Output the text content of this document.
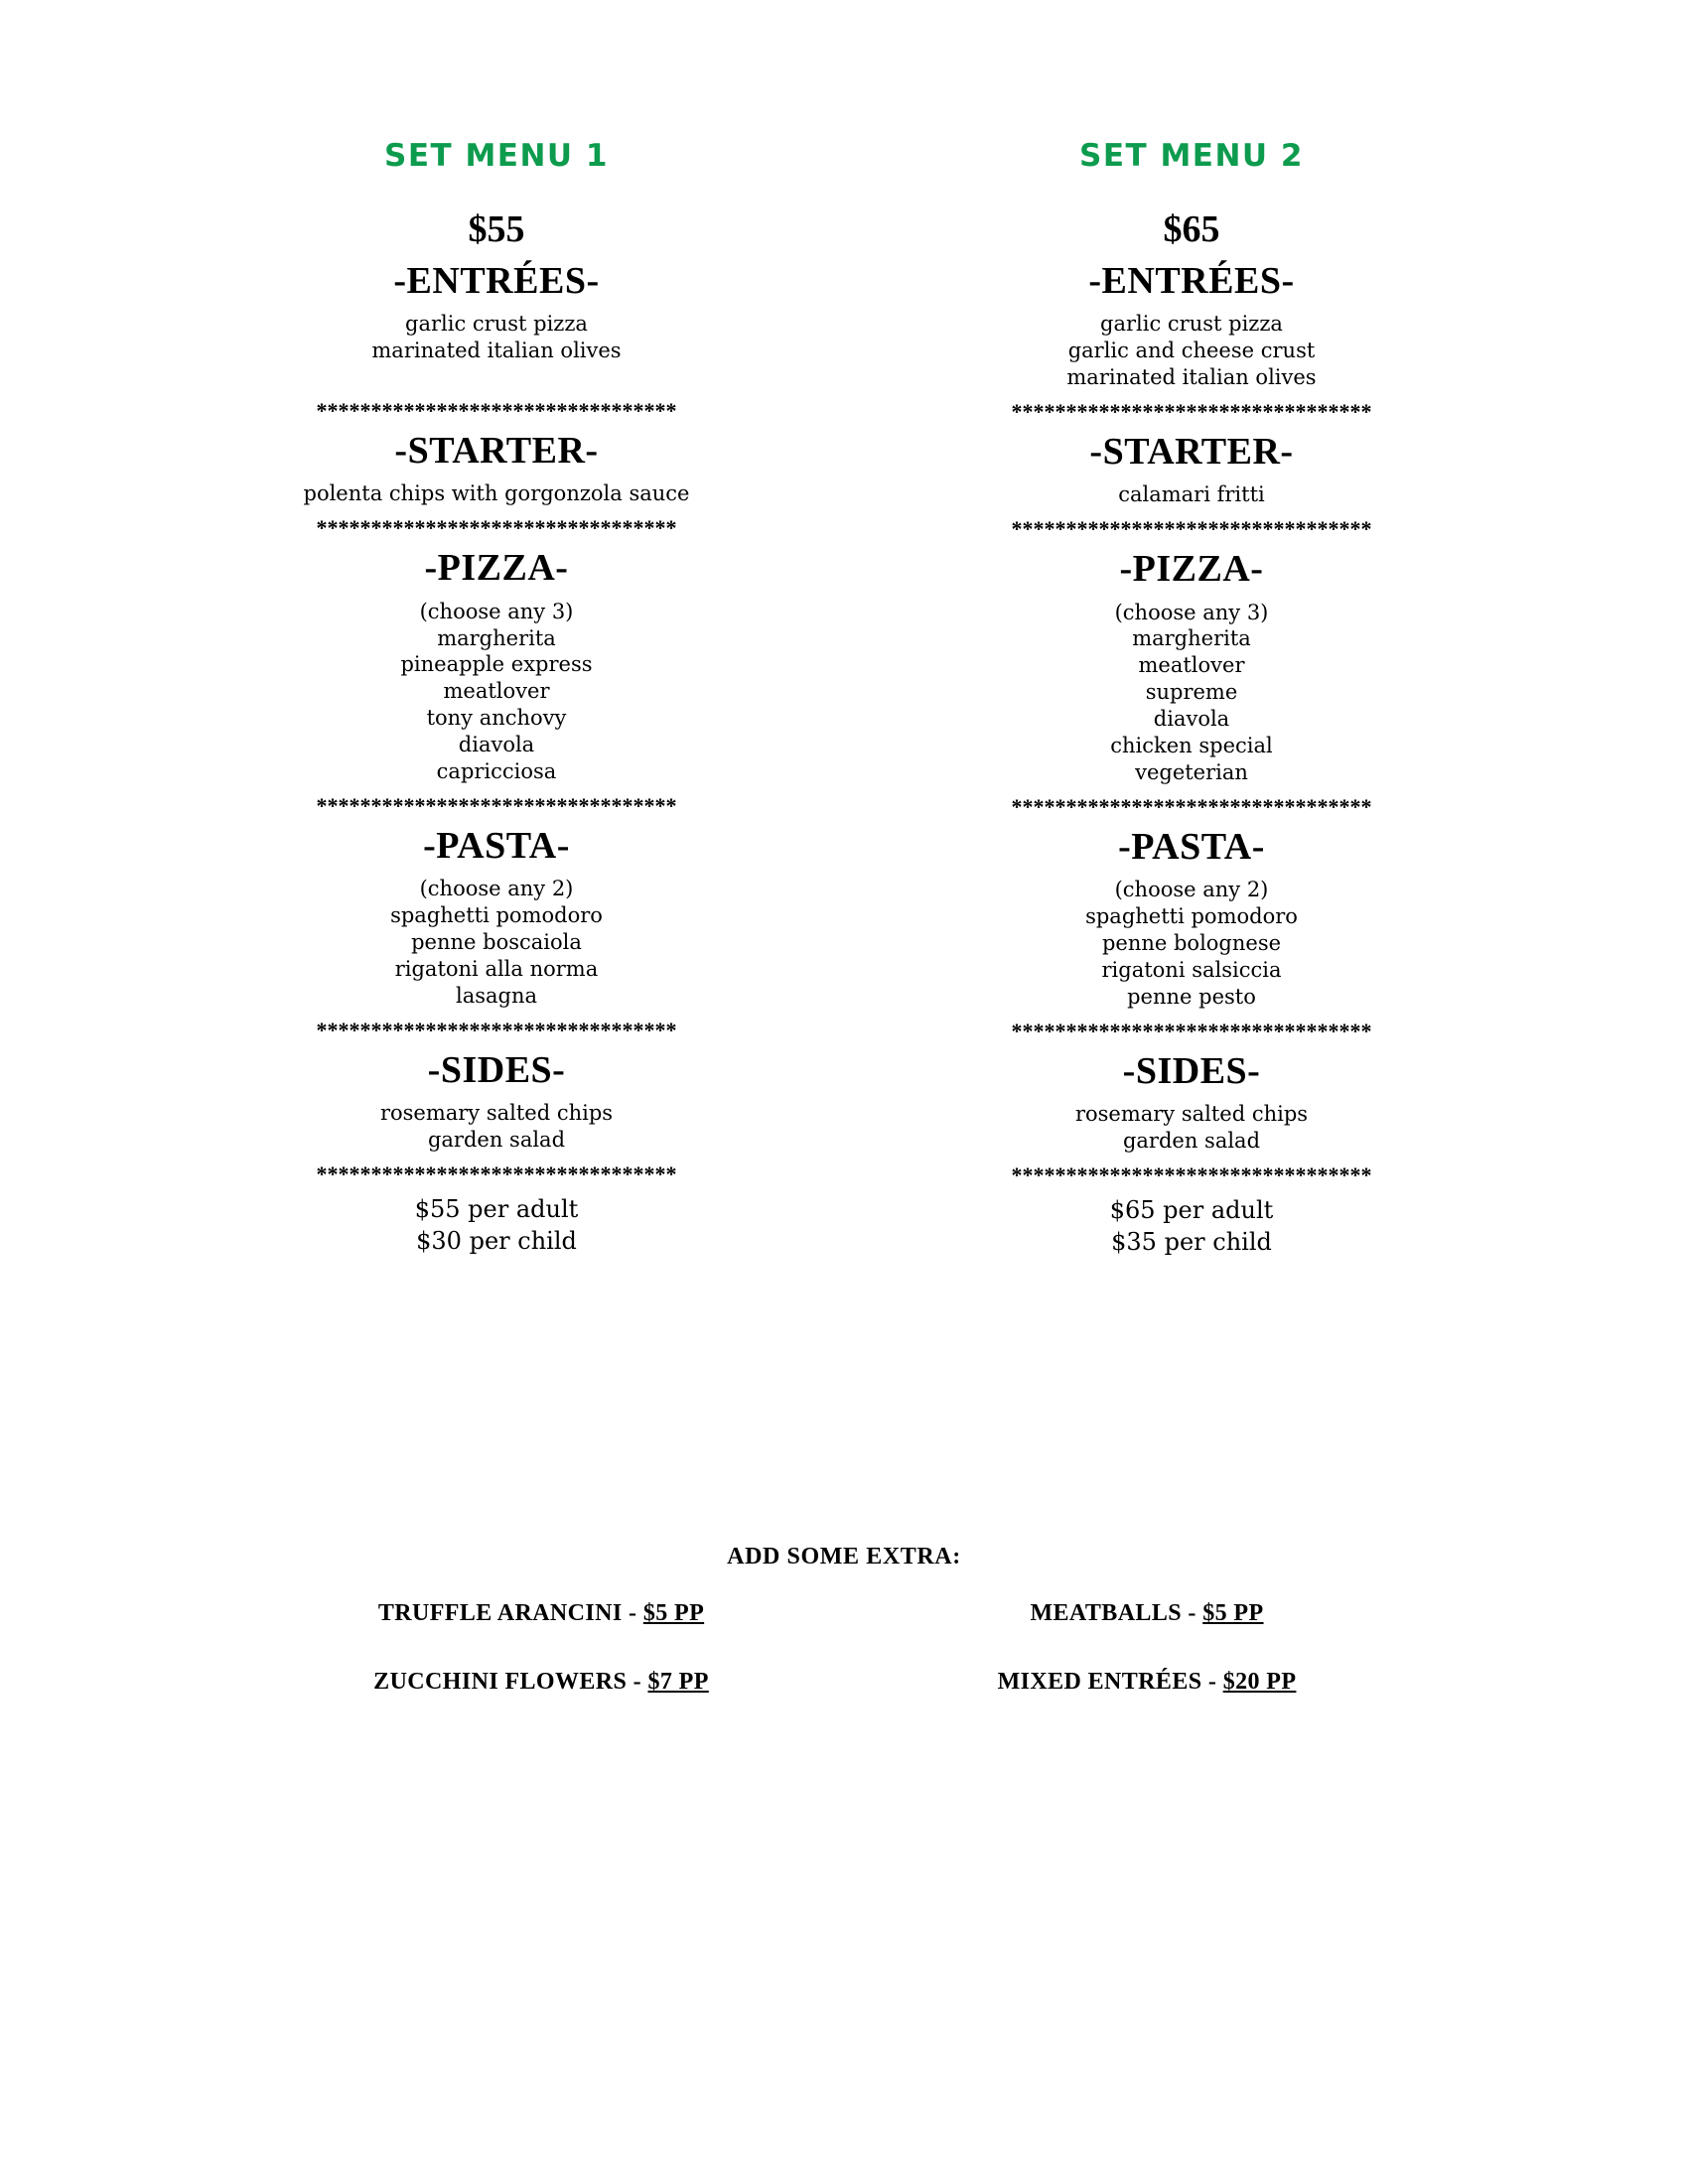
SET MENU 1
$55
-ENTRÉES-
garlic crust pizza
marinated italian olives
*********************************
-STARTER-
polenta chips with gorgonzola sauce
*********************************
-PIZZA-
(choose any 3)
margherita
pineapple express
meatlover
tony anchovy
diavola
capricciosa
*********************************
-PASTA-
(choose any 2)
spaghetti pomodoro
penne boscaiola
rigatoni alla norma
lasagna
*********************************
-SIDES-
rosemary salted chips
garden salad
*********************************
$55 per adult
$30 per child
SET MENU 2
$65
-ENTRÉES-
garlic crust pizza
garlic and cheese crust
marinated italian olives
*********************************
-STARTER-
calamari fritti
*********************************
-PIZZA-
(choose any 3)
margherita
meatlover
supreme
diavola
chicken special
vegeterian
*********************************
-PASTA-
(choose any 2)
spaghetti pomodoro
penne bolognese
rigatoni salsiccia
penne pesto
*********************************
-SIDES-
rosemary salted chips
garden salad
*********************************
$65 per adult
$35 per child
ADD SOME EXTRA:
TRUFFLE ARANCINI - $5 PP	MEATBALLS - $5 PP
ZUCCHINI FLOWERS - $7 PP	MIXED ENTRÉES - $20 PP
